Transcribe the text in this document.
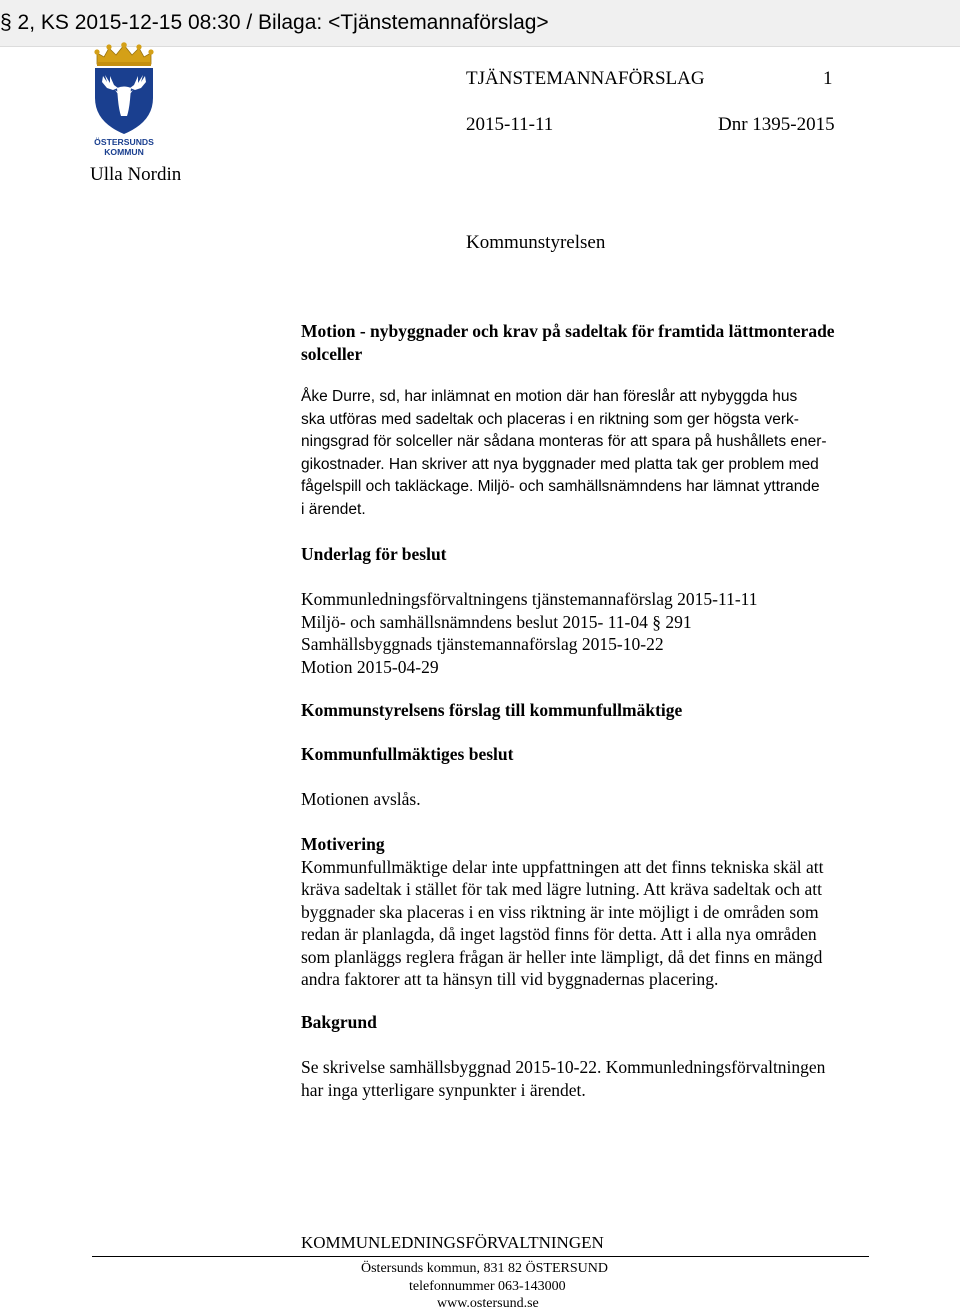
§ 2, KS 2015-12-15 08:30 / Bilaga: <Tjänstemannaförslag>
ÖSTERSUNDS
KOMMUN
TJÄNSTEMANNAFÖRSLAG	1
2015-11-11	Dnr 1395-2015
Ulla Nordin
Kommunstyrelsen
Motion - nybyggnader och krav på sadeltak för framtida lättmonterade
solceller
Åke Durre, sd, har inlämnat en motion där han föreslår att nybyggda hus
ska utföras med sadeltak och placeras i en riktning som ger högsta verk-
ningsgrad för solceller när sådana monteras för att spara på hushållets ener-
gikostnader. Han skriver att nya byggnader med platta tak ger problem med
fågelspill och takläckage. Miljö- och samhällsnämndens har lämnat yttrande
i ärendet.
Underlag för beslut
Kommunledningsförvaltningens tjänstemannaförslag 2015-11-11
Miljö- och samhällsnämndens beslut 2015- 11-04 § 291
Samhällsbyggnads tjänstemannaförslag 2015-10-22
Motion 2015-04-29
Kommunstyrelsens förslag till kommunfullmäktige
Kommunfullmäktiges beslut
Motionen avslås.
Motivering
Kommunfullmäktige delar inte uppfattningen att det finns tekniska skäl att
kräva sadeltak i stället för tak med lägre lutning. Att kräva sadeltak och att
byggnader ska placeras i en viss riktning är inte möjligt i de områden som
redan är planlagda, då inget lagstöd finns för detta. Att i alla nya områden
som planläggs reglera frågan är heller inte lämpligt, då det finns en mängd
andra faktorer att ta hänsyn till vid byggnadernas placering.
Bakgrund
Se skrivelse samhällsbyggnad 2015-10-22. Kommunledningsförvaltningen
har inga ytterligare synpunkter i ärendet.
KOMMUNLEDNINGSFÖRVALTNINGEN
Östersunds kommun, 831 82 ÖSTERSUND
telefonnummer 063-143000
www.ostersund.se
